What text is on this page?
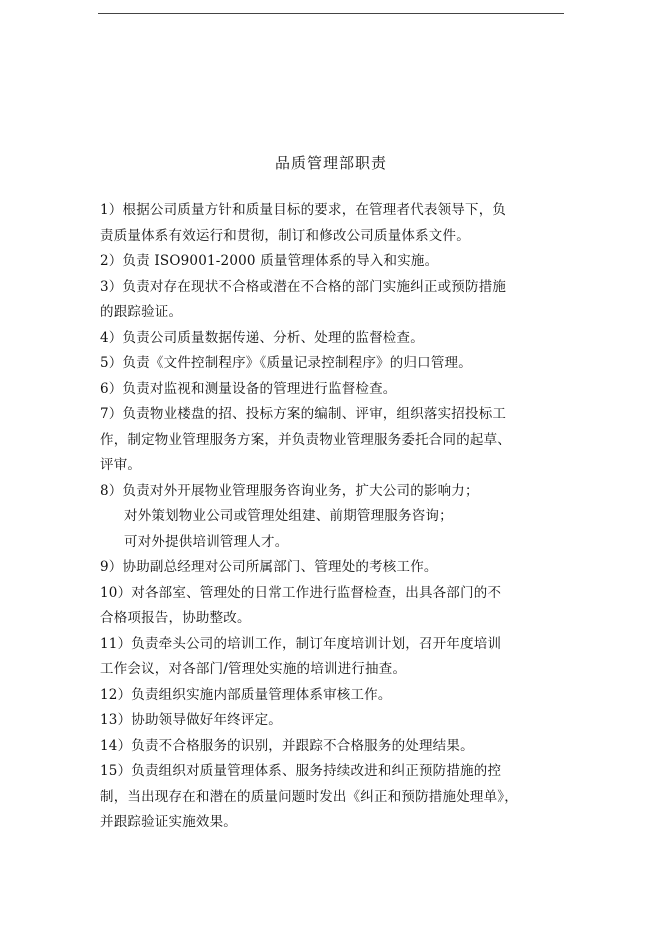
品质管理部职责
1）根据公司质量方针和质量目标的要求，在管理者代表领导下，负
责质量体系有效运行和贯彻，制订和修改公司质量体系文件。
2）负责 ISO9001-2000 质量管理体系的导入和实施。
3）负责对存在现状不合格或潜在不合格的部门实施纠正或预防措施
的跟踪验证。
4）负责公司质量数据传递、分析、处理的监督检查。
5）负责《文件控制程序》《质量记录控制程序》的归口管理。
6）负责对监视和测量设备的管理进行监督检查。
7）负责物业楼盘的招、投标方案的编制、评审，组织落实招投标工
作，制定物业管理服务方案，并负责物业管理服务委托合同的起草、
评审。
8）负责对外开展物业管理服务咨询业务，扩大公司的影响力；
对外策划物业公司或管理处组建、前期管理服务咨询；
可对外提供培训管理人才。
9）协助副总经理对公司所属部门、管理处的考核工作。
10）对各部室、管理处的日常工作进行监督检查，出具各部门的不
合格项报告，协助整改。
11）负责牵头公司的培训工作，制订年度培训计划，召开年度培训
工作会议，对各部门/管理处实施的培训进行抽查。
12）负责组织实施内部质量管理体系审核工作。
13）协助领导做好年终评定。
14）负责不合格服务的识别，并跟踪不合格服务的处理结果。
15）负责组织对质量管理体系、服务持续改进和纠正预防措施的控
制，当出现存在和潜在的质量问题时发出《纠正和预防措施处理单》，
并跟踪验证实施效果。
